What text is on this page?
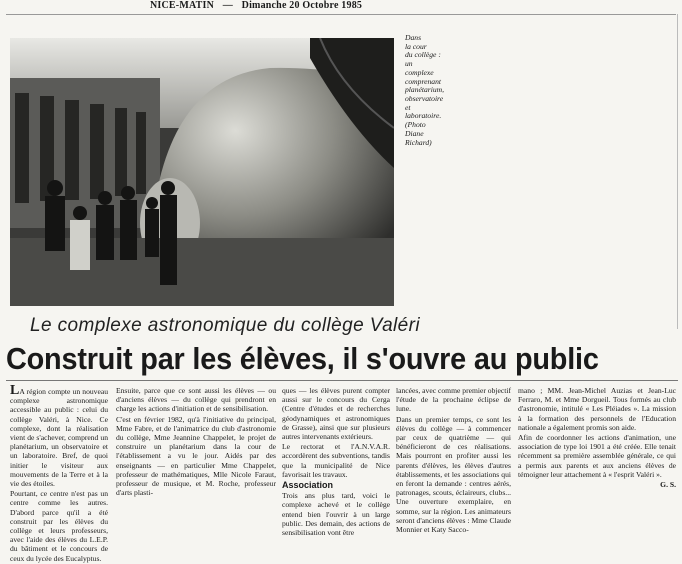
NICE-MATIN — Dimanche 20 Octobre 1985
Dans
la cour
du collège :
un
complexe
comprenant
planétarium,
observatoire
et
laboratoire.
(Photo
Diane
Richard)
Le complexe astronomique du collège Valéri
Construit par les élèves, il s'ouvre au public

LA région compte un nouveau complexe astronomique accessible au public : celui du collège Valéri, à Nice. Ce complexe, dont la réalisation vient de s'achever, comprend un planétarium, un observatoire et un laboratoire. Bref, de quoi initier le visiteur aux mouvements de la Terre et à la vie des étoiles.

Pourtant, ce centre n'est pas un centre comme les autres. D'abord parce qu'il a été construit par les élèves du collège et leurs professeurs, avec l'aide des élèves du L.E.P. du bâtiment et le concours de ceux du lycée des Eucalyptus.

Ensuite, parce que ce sont aussi les élèves — ou d'anciens élèves — du collège qui prendront en charge les actions d'initiation et de sensibilisation.

C'est en février 1982, qu'à l'initiative du principal, Mme Fabre, et de l'animatrice du club d'astronomie du collège, Mme Jeannine Chappelet, le projet de construire un planétarium dans la cour de l'établissement a vu le jour. Aidés par des enseignants — en particulier Mme Chappelet, professeur de mathématiques, Mlle Nicole Faraut, professeur de musique, et M. Roche, professeur d'arts plasti-

ques — les élèves purent compter aussi sur le concours du Cerga (Centre d'études et de recherches géodynamiques et astronomiques de Grasse), ainsi que sur plusieurs autres intervenants extérieurs.

Le rectorat et l'A.N.V.A.R. accordèrent des subventions, tandis que la municipalité de Nice favorisait les travaux.

Association

Trois ans plus tard, voici le complexe achevé et le collège entend bien l'ouvrir à un large public. Des demain, des actions de sensibilisation vont être

lancées, avec comme premier objectif l'étude de la prochaine éclipse de lune.

Dans un premier temps, ce sont les élèves du collège — à commencer par ceux de quatrième — qui bénéficieront de ces réalisations. Mais pourront en profiter aussi les parents d'élèves, les élèves d'autres établissements, et les associations qui en feront la demande : centres aérés, patronages, scouts, éclaireurs, clubs... Une ouverture exemplaire, en somme, sur la région. Les animateurs seront d'anciens élèves : Mme Claude Monnier et Katy Sacco-

mano ; MM. Jean-Michel Auzias et Jean-Luc Ferraro, M. et Mme Dorgueil. Tous formés au club d'astronomie, intitulé « Les Pléiades ». La mission à la formation des personnels de l'Education nationale a également promis son aide.

Afin de coordonner les actions d'animation, une association de type loi 1901 a été créée. Elle tenait récemment sa première assemblée générale, ce qui a permis aux parents et aux anciens élèves de témoigner leur attachement à « l'esprit Valéri ».

G. S.
